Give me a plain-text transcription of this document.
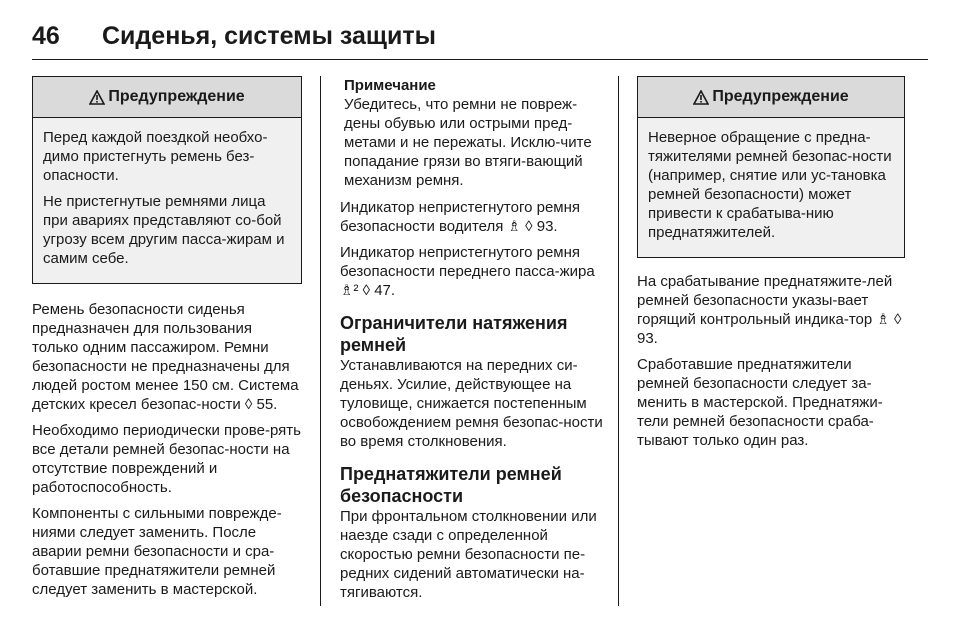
46	Сиденья, системы защиты
Предупреждение

Перед каждой поездкой необхо-димо пристегнуть ремень без-опасности.

Не пристегнутые ремнями лица при авариях представляют со-бой угрозу всем другим пасса-жирам и самим себе.

Ремень безопасности сиденья предназначен для пользования только одним пассажиром. Ремни безопасности не предназначены для людей ростом менее 150 см. Система детских кресел безопас-ности ◊ 55.

Необходимо периодически прове-рять все детали ремней безопас-ности на отсутствие повреждений и работоспособность.

Компоненты с сильными поврежде-ниями следует заменить. После аварии ремни безопасности и сра-ботавшие преднатяжители ремней следует заменить в мастерской.

Примечание

Убедитесь, что ремни не повреж-дены обувью или острыми пред-метами и не пережаты. Исклю-чите попадание грязи во втяги-вающий механизм ремня.

Индикатор непристегнутого ремня безопасности водителя ♗ ◊ 93.

Индикатор непристегнутого ремня безопасности переднего пасса-жира ♗² ◊ 47.

Ограничители натяжения ремней

Устанавливаются на передних си-деньях. Усилие, действующее на туловище, снижается постепенным освобождением ремня безопас-ности во время столкновения.

Преднатяжители ремней безопасности

При фронтальном столкновении или наезде сзади с определенной скоростью ремни безопасности пе-редних сидений автоматически на-тягиваются.

Предупреждение

Неверное обращение с предна-тяжителями ремней безопас-ности (например, снятие или ус-тановка ремней безопасности) может привести к срабатыва-нию преднатяжителей.

На срабатывание преднатяжите-лей ремней безопасности указы-вает горящий контрольный индика-тор ♗ ◊ 93.

Сработавшие преднатяжители ремней безопасности следует за-менить в мастерской. Преднатяжи-тели ремней безопасности сраба-тывают только один раз.
